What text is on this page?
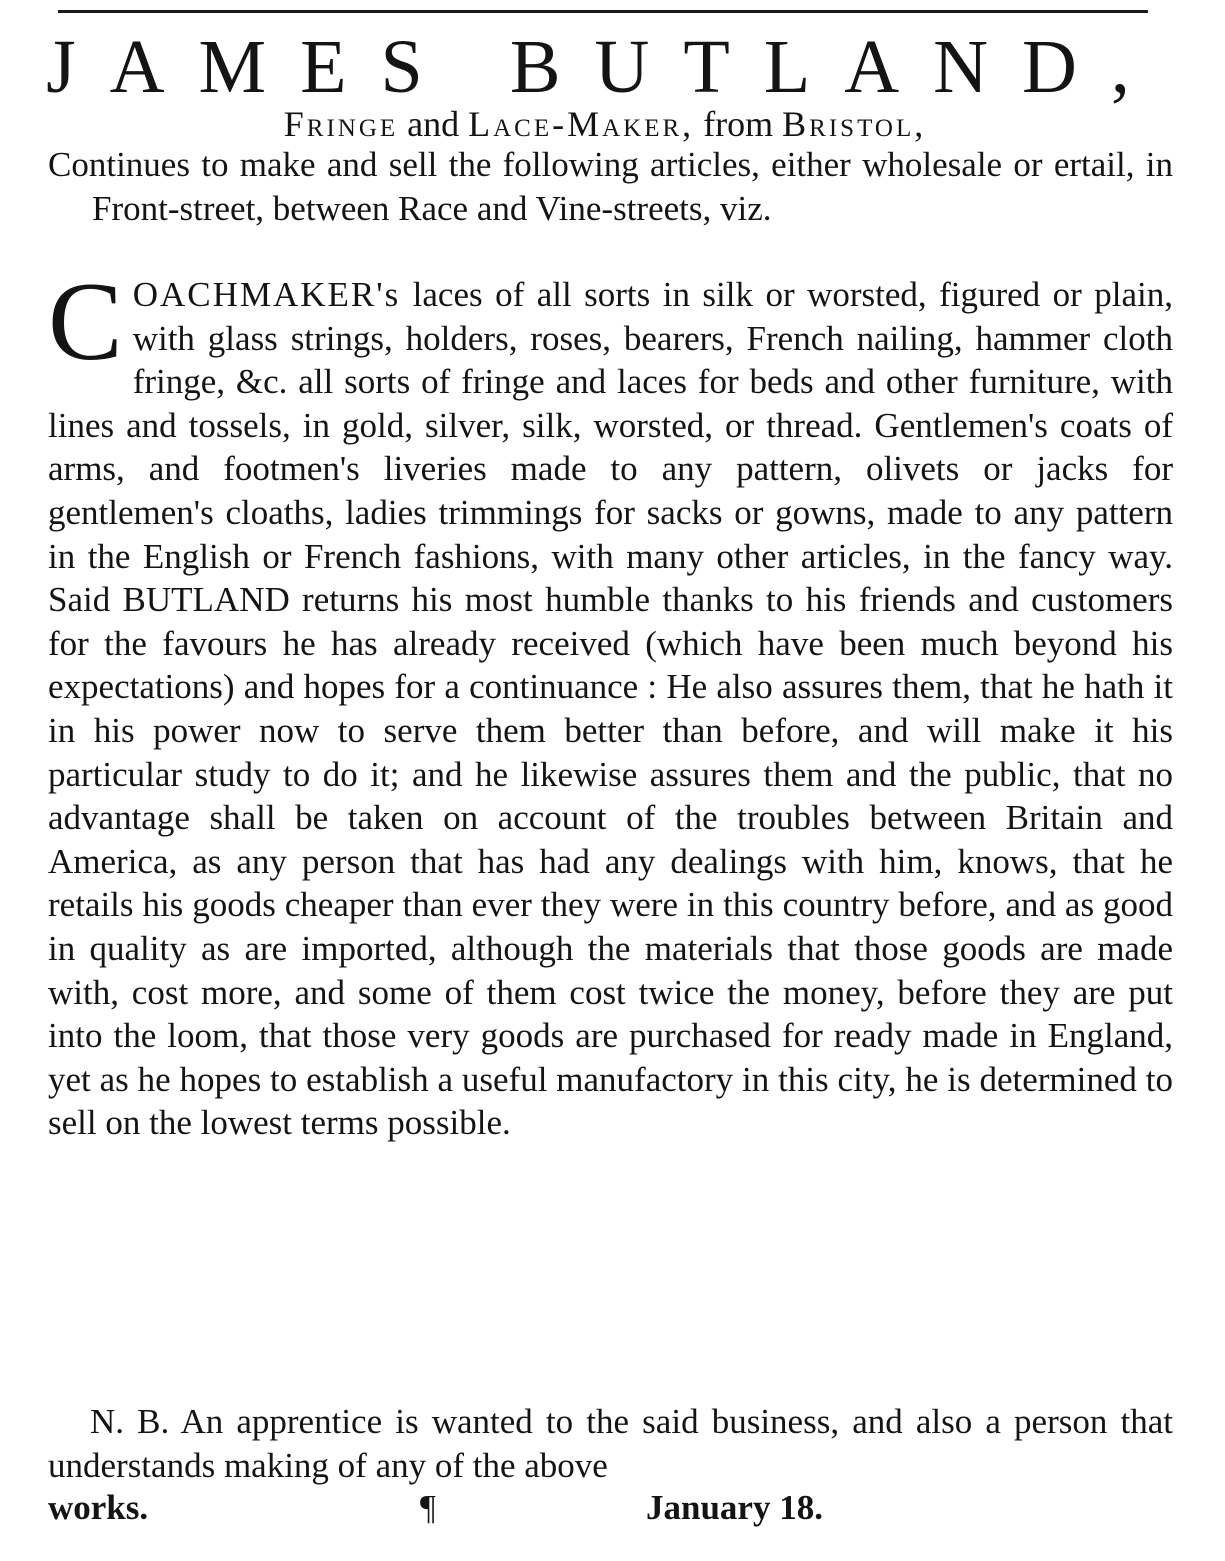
JAMES BUTLAND,
Fringe and Lace-Maker, from Bristol,
Continues to make and sell the following articles, either wholesale or ertail, in Front-street, between Race and Vine-streets, viz.
C OACHMAKER's laces of all sorts in silk or worsted, figured or plain, with glass strings, holders, roses, bearers, French nailing, hammer cloth fringe, &c. all sorts of fringe and laces for beds and other furniture, with lines and tossels, in gold, silver, silk, worsted, or thread. Gentlemen's coats of arms, and footmen's liveries made to any pattern, olivets or jacks for gentlemen's cloaths, ladies trimmings for sacks or gowns, made to any pattern in the English or French fashions, with many other articles, in the fancy way. Said BUTLAND returns his most humble thanks to his friends and customers for the favours he has already received (which have been much beyond his expectations) and hopes for a continuance : He also assures them, that he hath it in his power now to serve them better than before, and will make it his particular study to do it; and he likewise assures them and the public, that no advantage shall be taken on account of the troubles between Britain and America, as any person that has had any dealings with him, knows, that he retails his goods cheaper than ever they were in this country before, and as good in quality as are imported, although the materials that those goods are made with, cost more, and some of them cost twice the money, before they are put into the loom, that those very goods are purchased for ready made in England, yet as he hopes to establish a useful manufactory in this city, he is determined to sell on the lowest terms possible.
N. B. An apprentice is wanted to the said business, and also a person that understands making of any of the above
works.	¶	January 18.
